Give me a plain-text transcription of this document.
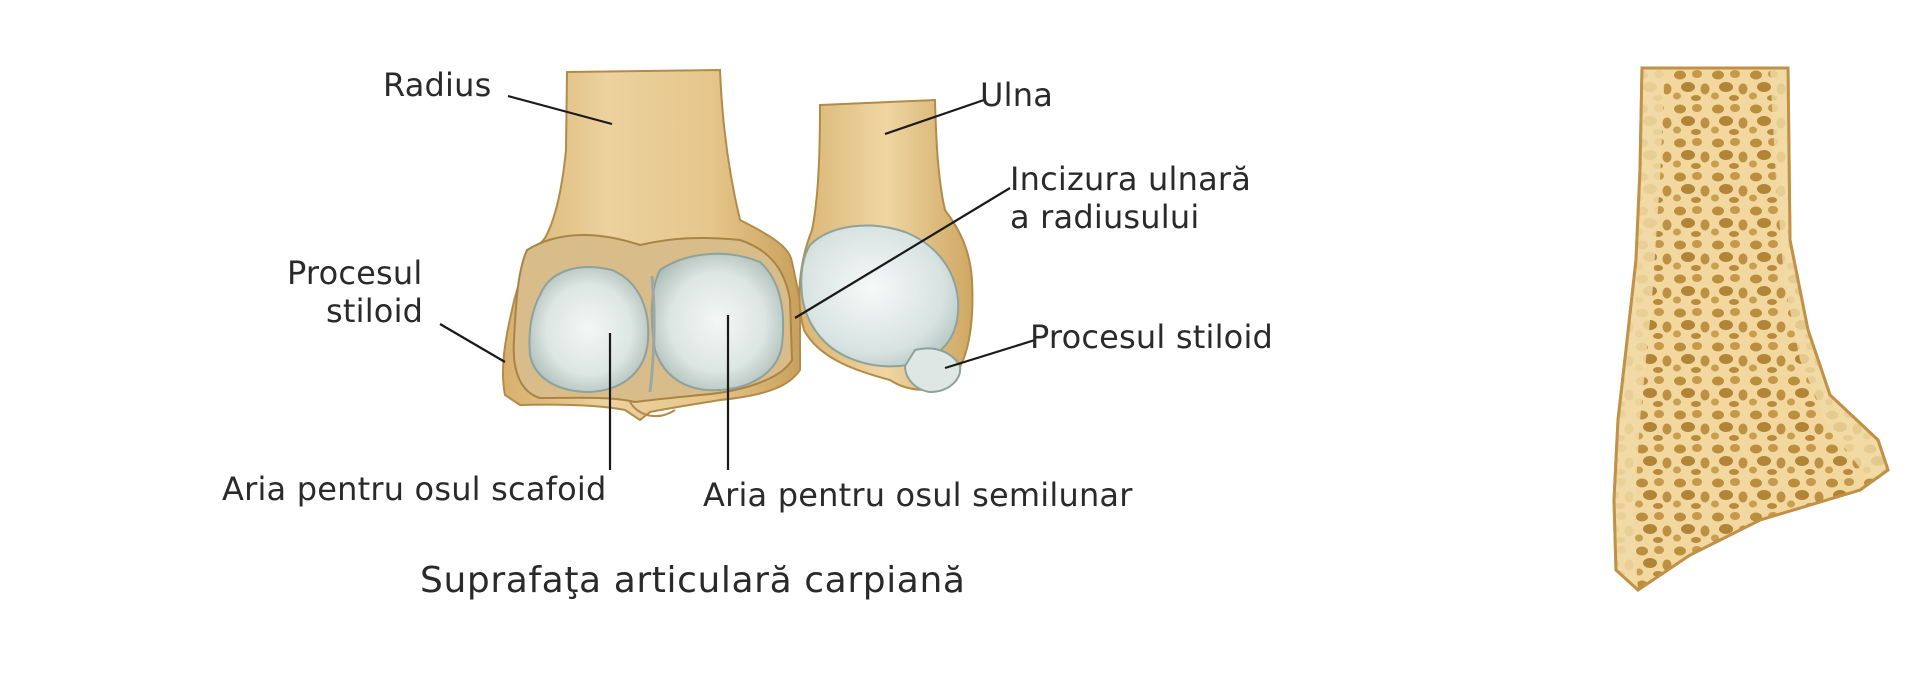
Radius	Ulna
Procesul
stiloid
Incizura ulnară
a radiusului
Procesul stiloid
Aria pentru osul scafoid	Aria pentru osul semilunar
Suprafaţa articulară carpiană
